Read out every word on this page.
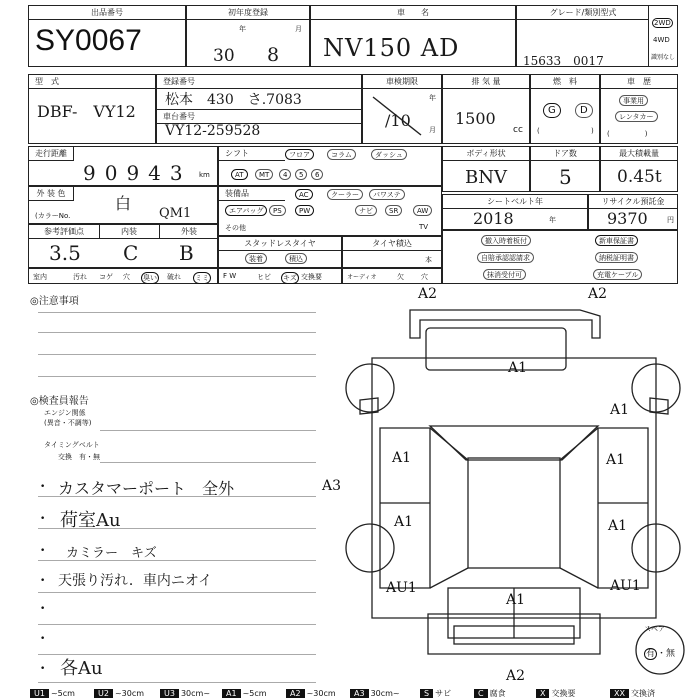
出品番号
SY0067
初年度登録
年	月
30 8
車　　名
NV150 AD
グレード/類別型式
15633　0017
2WD
4WD
識別なし
型　式
DBF-　VY12
登録番号
松本　430　さ.7083
車台番号
VY12-259528
車検期限
年
月
/10
排 気 量
1500
cc
燃　料
G	D
(	)
車　歴
事業用
レンタカー
(　　　　　)
走行距離
90943 km
シフト	フロア	コラム	ダッシュ
AT	MT	4	5	6
ボディ形状
BNV
ドア数
5
最大積載量
0.45t
外 装 色
白
(カラーNo.	QM1
装備品	AC	クーラー	パワステ
エアバッグ	PS	PW	ナビ	SR	AW
その他	TV
シートベルト年
2018	年
リサイクル預託金
9370	円
参考評価点	内装	外装
3.5 C B	スタッドレスタイヤ
装着	積込
タイヤ積込
本
撤入時着板付	新車保証書
自賠承認認請求	納税証明書
抹消受付可	充電ケーブル
室内	汚れ コゲ 穴 臭い 破れ ミミ F W	ヒビ キズ 交換要	オーディオ	欠 穴
◎注意事項
◎検査員報告
エンジン関係
(異音・不調等)
タイミングベルト
交換　有・無
•
•
•
•
•
•
•
カスタマーポート　全外
荷室Au
カミラー　キズ
天張り汚れ．車内ニオイ
各Au
A2	A2
A1
A1
A1	A1
A1	A1
A3
AU1	AU1
A1
A2
スペア
有 ・無
U1 ~5cm	U2 ~30cm	U3 30cm~	A1 ~5cm	A2 ~30cm	A3 30cm~	S サビ	C 腐食	X 交換要	XX 交換済
